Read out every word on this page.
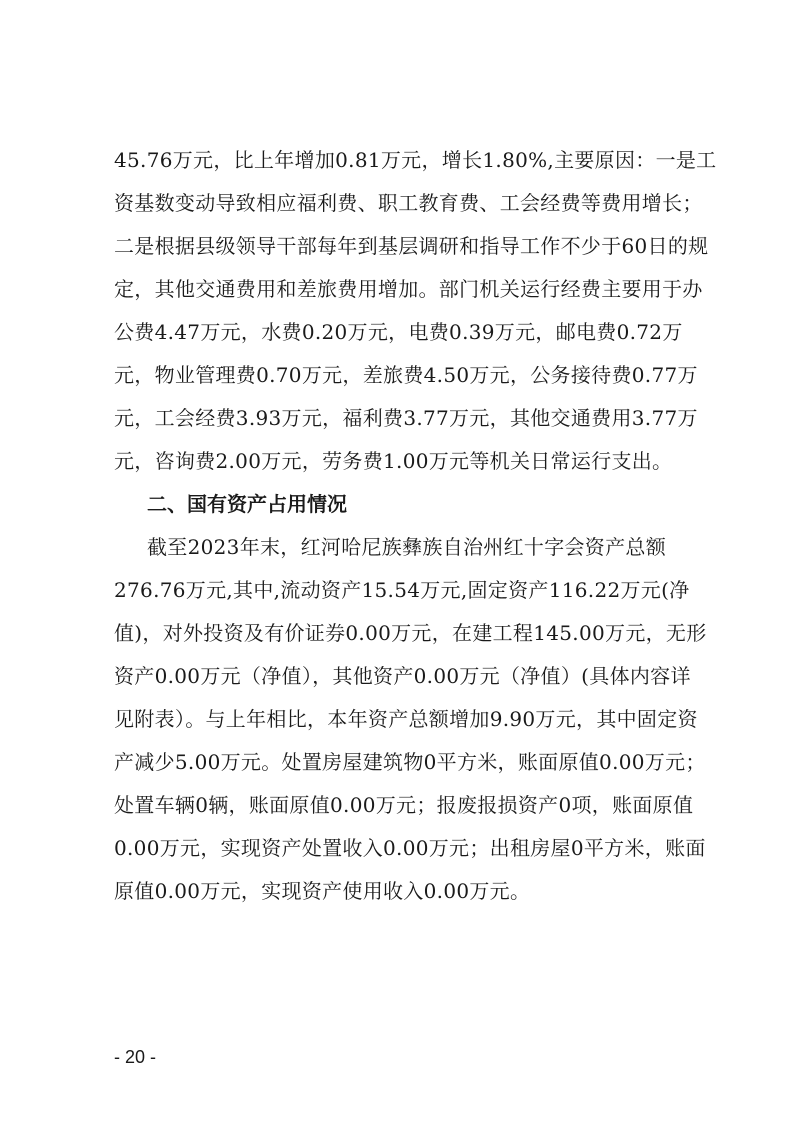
45.76万元，比上年增加0.81万元，增长1.80%,主要原因：一是工
资基数变动导致相应福利费、职工教育费、工会经费等费用增长；
二是根据县级领导干部每年到基层调研和指导工作不少于60日的规
定，其他交通费用和差旅费用增加。部门机关运行经费主要用于办
公费4.47万元，水费0.20万元，电费0.39万元，邮电费0.72万
元，物业管理费0.70万元，差旅费4.50万元，公务接待费0.77万
元，工会经费3.93万元，福利费3.77万元，其他交通费用3.77万
元，咨询费2.00万元，劳务费1.00万元等机关日常运行支出。
二、国有资产占用情况
截至2023年末，红河哈尼族彝族自治州红十字会资产总额
276.76万元,其中,流动资产15.54万元,固定资产116.22万元(净
值)，对外投资及有价证券0.00万元，在建工程145.00万元，无形
资产0.00万元（净值），其他资产0.00万元（净值）(具体内容详
见附表）。与上年相比，本年资产总额增加9.90万元，其中固定资
产减少5.00万元。处置房屋建筑物0平方米，账面原值0.00万元；
处置车辆0辆，账面原值0.00万元；报废报损资产0项，账面原值
0.00万元，实现资产处置收入0.00万元；出租房屋0平方米，账面
原值0.00万元，实现资产使用收入0.00万元。
- 20 -
